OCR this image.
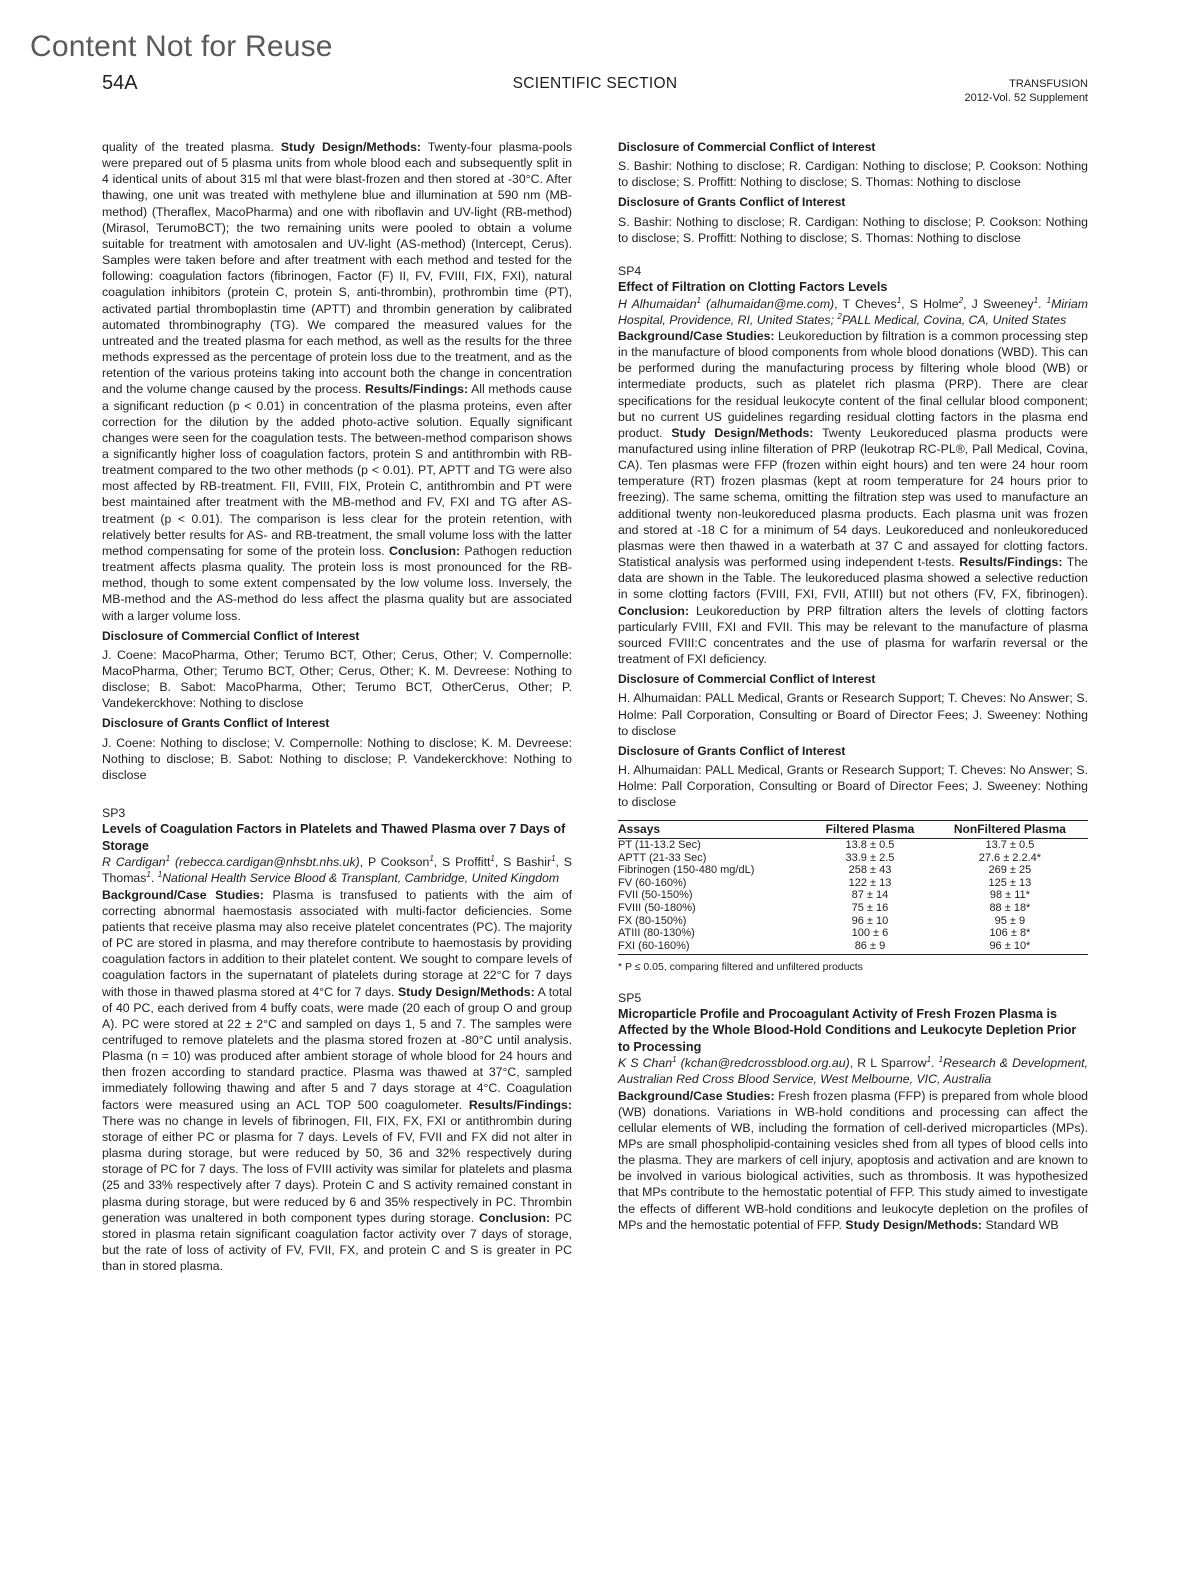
Content Not for Reuse
54A	SCIENTIFIC SECTION	TRANSFUSION
2012-Vol. 52 Supplement

quality of the treated plasma. Study Design/Methods: Twenty-four plasma-pools were prepared out of 5 plasma units from whole blood each and subsequently split in 4 identical units of about 315 ml that were blast-frozen and then stored at -30°C. After thawing, one unit was treated with methylene blue and illumination at 590 nm (MB-method) (Theraflex, MacoPharma) and one with riboflavin and UV-light (RB-method) (Mirasol, TerumoBCT); the two remaining units were pooled to obtain a volume suitable for treatment with amotosalen and UV-light (AS-method) (Intercept, Cerus). Samples were taken before and after treatment with each method and tested for the following: coagulation factors (fibrinogen, Factor (F) II, FV, FVIII, FIX, FXI), natural coagulation inhibitors (protein C, protein S, anti-thrombin), prothrombin time (PT), activated partial thromboplastin time (APTT) and thrombin generation by calibrated automated thrombinography (TG). We compared the measured values for the untreated and the treated plasma for each method, as well as the results for the three methods expressed as the percentage of protein loss due to the treatment, and as the retention of the various proteins taking into account both the change in concentration and the volume change caused by the process. Results/Findings: All methods cause a significant reduction (p < 0.01) in concentration of the plasma proteins, even after correction for the dilution by the added photo-active solution. Equally significant changes were seen for the coagulation tests. The between-method comparison shows a significantly higher loss of coagulation factors, protein S and antithrombin with RB-treatment compared to the two other methods (p < 0.01). PT, APTT and TG were also most affected by RB-treatment. FII, FVIII, FIX, Protein C, antithrombin and PT were best maintained after treatment with the MB-method and FV, FXI and TG after AS-treatment (p < 0.01). The comparison is less clear for the protein retention, with relatively better results for AS- and RB-treatment, the small volume loss with the latter method compensating for some of the protein loss. Conclusion: Pathogen reduction treatment affects plasma quality. The protein loss is most pronounced for the RB-method, though to some extent compensated by the low volume loss. Inversely, the MB-method and the AS-method do less affect the plasma quality but are associated with a larger volume loss.

Disclosure of Commercial Conflict of Interest

J. Coene: MacoPharma, Other; Terumo BCT, Other; Cerus, Other; V. Compernolle: MacoPharma, Other; Terumo BCT, Other; Cerus, Other; K. M. Devreese: Nothing to disclose; B. Sabot: MacoPharma, Other; Terumo BCT, OtherCerus, Other; P. Vandekerckhove: Nothing to disclose

Disclosure of Grants Conflict of Interest

J. Coene: Nothing to disclose; V. Compernolle: Nothing to disclose; K. M. Devreese: Nothing to disclose; B. Sabot: Nothing to disclose; P. Vandekerckhove: Nothing to disclose

SP3
Levels of Coagulation Factors in Platelets and Thawed Plasma over 7 Days of Storage

R Cardigan$^1$ (rebecca.cardigan@nhsbt.nhs.uk), P Cookson$^1$, S Proffitt$^1$, S Bashir$^1$, S Thomas$^1$. $^1$National Health Service Blood & Transplant, Cambridge, United Kingdom

Background/Case Studies: Plasma is transfused to patients with the aim of correcting abnormal haemostasis associated with multi-factor deficiencies. Some patients that receive plasma may also receive platelet concentrates (PC). The majority of PC are stored in plasma, and may therefore contribute to haemostasis by providing coagulation factors in addition to their platelet content. We sought to compare levels of coagulation factors in the supernatant of platelets during storage at 22°C for 7 days with those in thawed plasma stored at 4°C for 7 days. Study Design/Methods: A total of 40 PC, each derived from 4 buffy coats, were made (20 each of group O and group A). PC were stored at 22 ± 2°C and sampled on days 1, 5 and 7. The samples were centrifuged to remove platelets and the plasma stored frozen at -80°C until analysis. Plasma (n = 10) was produced after ambient storage of whole blood for 24 hours and then frozen according to standard practice. Plasma was thawed at 37°C, sampled immediately following thawing and after 5 and 7 days storage at 4°C. Coagulation factors were measured using an ACL TOP 500 coagulometer. Results/Findings: There was no change in levels of fibrinogen, FII, FIX, FX, FXI or antithrombin during storage of either PC or plasma for 7 days. Levels of FV, FVII and FX did not alter in plasma during storage, but were reduced by 50, 36 and 32% respectively during storage of PC for 7 days. The loss of FVIII activity was similar for platelets and plasma (25 and 33% respectively after 7 days). Protein C and S activity remained constant in plasma during storage, but were reduced by 6 and 35% respectively in PC. Thrombin generation was unaltered in both component types during storage. Conclusion: PC stored in plasma retain significant coagulation factor activity over 7 days of storage, but the rate of loss of activity of FV, FVII, FX, and protein C and S is greater in PC than in stored plasma.

Disclosure of Commercial Conflict of Interest

S. Bashir: Nothing to disclose; R. Cardigan: Nothing to disclose; P. Cookson: Nothing to disclose; S. Proffitt: Nothing to disclose; S. Thomas: Nothing to disclose

Disclosure of Grants Conflict of Interest

S. Bashir: Nothing to disclose; R. Cardigan: Nothing to disclose; P. Cookson: Nothing to disclose; S. Proffitt: Nothing to disclose; S. Thomas: Nothing to disclose

SP4
Effect of Filtration on Clotting Factors Levels

H Alhumaidan$^1$ (alhumaidan@me.com), T Cheves$^1$, S Holme$^2$, J Sweeney$^1$. $^1$Miriam Hospital, Providence, RI, United States; $^2$PALL Medical, Covina, CA, United States

Background/Case Studies: Leukoreduction by filtration is a common processing step in the manufacture of blood components from whole blood donations (WBD). This can be performed during the manufacturing process by filtering whole blood (WB) or intermediate products, such as platelet rich plasma (PRP). There are clear specifications for the residual leukocyte content of the final cellular blood component; but no current US guidelines regarding residual clotting factors in the plasma end product. Study Design/Methods: Twenty Leukoreduced plasma products were manufactured using inline filteration of PRP (leukotrap RC-PL®, Pall Medical, Covina, CA). Ten plasmas were FFP (frozen within eight hours) and ten were 24 hour room temperature (RT) frozen plasmas (kept at room temperature for 24 hours prior to freezing). The same schema, omitting the filtration step was used to manufacture an additional twenty non-leukoreduced plasma products. Each plasma unit was frozen and stored at -18 C for a minimum of 54 days. Leukoreduced and nonleukoreduced plasmas were then thawed in a waterbath at 37 C and assayed for clotting factors. Statistical analysis was performed using independent t-tests. Results/Findings: The data are shown in the Table. The leukoreduced plasma showed a selective reduction in some clotting factors (FVIII, FXI, FVII, ATIII) but not others (FV, FX, fibrinogen). Conclusion: Leukoreduction by PRP filtration alters the levels of clotting factors particularly FVIII, FXI and FVII. This may be relevant to the manufacture of plasma sourced FVIII:C concentrates and the use of plasma for warfarin reversal or the treatment of FXI deficiency.

Disclosure of Commercial Conflict of Interest

H. Alhumaidan: PALL Medical, Grants or Research Support; T. Cheves: No Answer; S. Holme: Pall Corporation, Consulting or Board of Director Fees; J. Sweeney: Nothing to disclose

Disclosure of Grants Conflict of Interest

H. Alhumaidan: PALL Medical, Grants or Research Support; T. Cheves: No Answer; S. Holme: Pall Corporation, Consulting or Board of Director Fees; J. Sweeney: Nothing to disclose

Assays	Filtered Plasma	NonFiltered Plasma
PT (11-13.2 Sec)	13.8 ± 0.5	13.7 ± 0.5
APTT (21-33 Sec)	33.9 ± 2.5	27.6 ± 2.2.4*
Fibrinogen (150-480 mg/dL)	258 ± 43	269 ± 25
FV (60-160%)	122 ± 13	125 ± 13
FVII (50-150%)	87 ± 14	98 ± 11*
FVIII (50-180%)	75 ± 16	88 ± 18*
FX (80-150%)	96 ± 10	95 ± 9
ATIII (80-130%)	100 ± 6	106 ± 8*
FXI (60-160%)	86 ± 9	96 ± 10*
* P ≤ 0.05, comparing filtered and unfiltered products
SP5
Microparticle Profile and Procoagulant Activity of Fresh Frozen Plasma is Affected by the Whole Blood-Hold Conditions and Leukocyte Depletion Prior to Processing

K S Chan$^1$ (kchan@redcrossblood.org.au), R L Sparrow$^1$. $^1$Research & Development, Australian Red Cross Blood Service, West Melbourne, VIC, Australia

Background/Case Studies: Fresh frozen plasma (FFP) is prepared from whole blood (WB) donations. Variations in WB-hold conditions and processing can affect the cellular elements of WB, including the formation of cell-derived microparticles (MPs). MPs are small phospholipid-containing vesicles shed from all types of blood cells into the plasma. They are markers of cell injury, apoptosis and activation and are known to be involved in various biological activities, such as thrombosis. It was hypothesized that MPs contribute to the hemostatic potential of FFP. This study aimed to investigate the effects of different WB-hold conditions and leukocyte depletion on the profiles of MPs and the hemostatic potential of FFP. Study Design/Methods: Standard WB
